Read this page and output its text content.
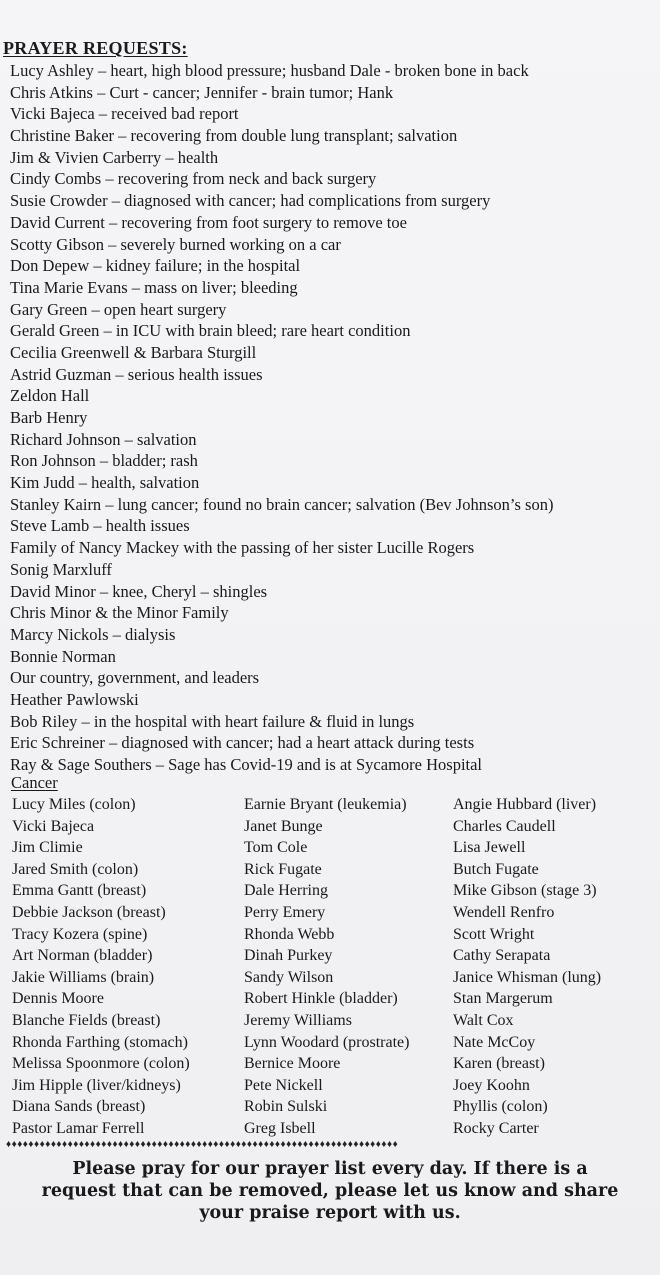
PRAYER REQUESTS:
Lucy Ashley – heart, high blood pressure; husband Dale - broken bone in back
Chris Atkins – Curt - cancer; Jennifer - brain tumor; Hank
Vicki Bajeca – received bad report
Christine Baker – recovering from double lung transplant; salvation
Jim & Vivien Carberry – health
Cindy Combs – recovering from neck and back surgery
Susie Crowder – diagnosed with cancer; had complications from surgery
David Current – recovering from foot surgery to remove toe
Scotty Gibson – severely burned working on a car
Don Depew – kidney failure; in the hospital
Tina Marie Evans – mass on liver; bleeding
Gary Green – open heart surgery
Gerald Green – in ICU with brain bleed; rare heart condition
Cecilia Greenwell & Barbara Sturgill
Astrid Guzman – serious health issues
Zeldon Hall
Barb Henry
Richard Johnson – salvation
Ron Johnson – bladder; rash
Kim Judd – health, salvation
Stanley Kairn – lung cancer; found no brain cancer; salvation (Bev Johnson’s son)
Steve Lamb – health issues
Family of Nancy Mackey with the passing of her sister Lucille Rogers
Sonig Marxluff
David Minor – knee, Cheryl – shingles
Chris Minor & the Minor Family
Marcy Nickols – dialysis
Bonnie Norman
Our country, government, and leaders
Heather Pawlowski
Bob Riley – in the hospital with heart failure & fluid in lungs
Eric Schreiner – diagnosed with cancer; had a heart attack during tests
Ray & Sage Southers – Sage has Covid-19 and is at Sycamore Hospital
Cancer
Lucy Miles (colon)
Vicki Bajeca
Jim Climie
Jared Smith (colon)
Emma Gantt (breast)
Debbie Jackson (breast)
Tracy Kozera (spine)
Art Norman (bladder)
Jakie Williams (brain)
Dennis Moore
Blanche Fields (breast)
Rhonda Farthing (stomach)
Melissa Spoonmore (colon)
Jim Hipple (liver/kidneys)
Diana Sands (breast)
Pastor Lamar Ferrell
Earnie Bryant (leukemia)
Janet Bunge
Tom Cole
Rick Fugate
Dale Herring
Perry Emery
Rhonda Webb
Dinah Purkey
Sandy Wilson
Robert Hinkle (bladder)
Jeremy Williams
Lynn Woodard (prostrate)
Bernice Moore
Pete Nickell
Robin Sulski
Greg Isbell
Angie Hubbard (liver)
Charles Caudell
Lisa Jewell
Butch Fugate
Mike Gibson (stage 3)
Wendell Renfro
Scott Wright
Cathy Serapata
Janice Whisman (lung)
Stan Margerum
Walt Cox
Nate McCoy
Karen (breast)
Joey Koohn
Phyllis (colon)
Rocky Carter
♦♦♦♦♦♦♦♦♦♦♦♦♦♦♦♦♦♦♦♦♦♦♦♦♦♦♦♦♦♦♦♦♦♦♦♦♦♦♦♦♦♦♦♦♦♦♦♦♦♦♦♦♦♦♦♦♦♦♦♦♦♦♦♦♦♦♦♦♦♦
Please pray for our prayer list every day. If there is a
request that can be removed, please let us know and share
your praise report with us.
